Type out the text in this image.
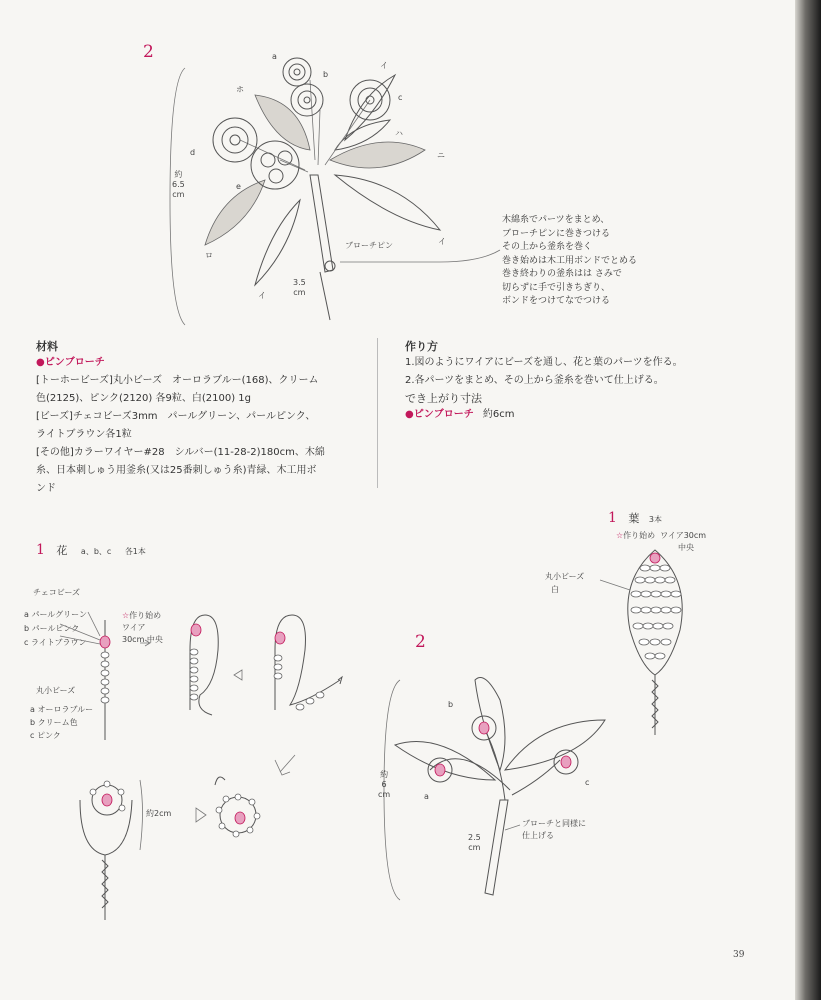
2	a
b
c
d
e
イ
ホ
ハ
ニ
イ
ロ
イ
約
6.5
cm
3.5
cm
ブローチピン
木綿糸でパーツをまとめ、
ブローチピンに巻きつける
その上から釜糸を巻く
巻き始めは木工用ボンドでとめる
巻き終わりの釜糸はは さみで
切らずに手で引きちぎり、
ボンドをつけてなでつける
材料
●ピンブローチ
[トーホービーズ]丸小ビーズ　オーロラブルー(168)、クリーム
色(2125)、ピンク(2120) 各9粒、白(2100) 1g
[ビーズ]チェコビーズ3mm　パールグリーン、パールピンク、
ライトブラウン各1粒
[その他]カラーワイヤー#28　シルバー(11-28-2)180cm、木綿
糸、日本刺しゅう用釜糸(又は25番刺しゅう糸)青緑、木工用ボ
ンド
作り方
1.図のようにワイアにビーズを通し、花と葉のパーツを作る。
2.各パーツをまとめ、その上から釜糸を巻いて仕上げる。
でき上がり寸法
●ピンブローチ 約6cm
1 花 a、b、c 各1本
チェコビーズ
a パールグリーン
b パールピンク
c ライトブラウン
☆作り始め
ワイア
30cm 中央
丸小ビーズ
a オーロラブルー
b クリーム色
c ピンク
約2cm
1 葉 3本
☆作り始め ワイア30cm
中央
丸小ビーズ
白
2
b
a
c
約
6
cm
2.5
cm
ブローチと同様に
仕上げる
39
